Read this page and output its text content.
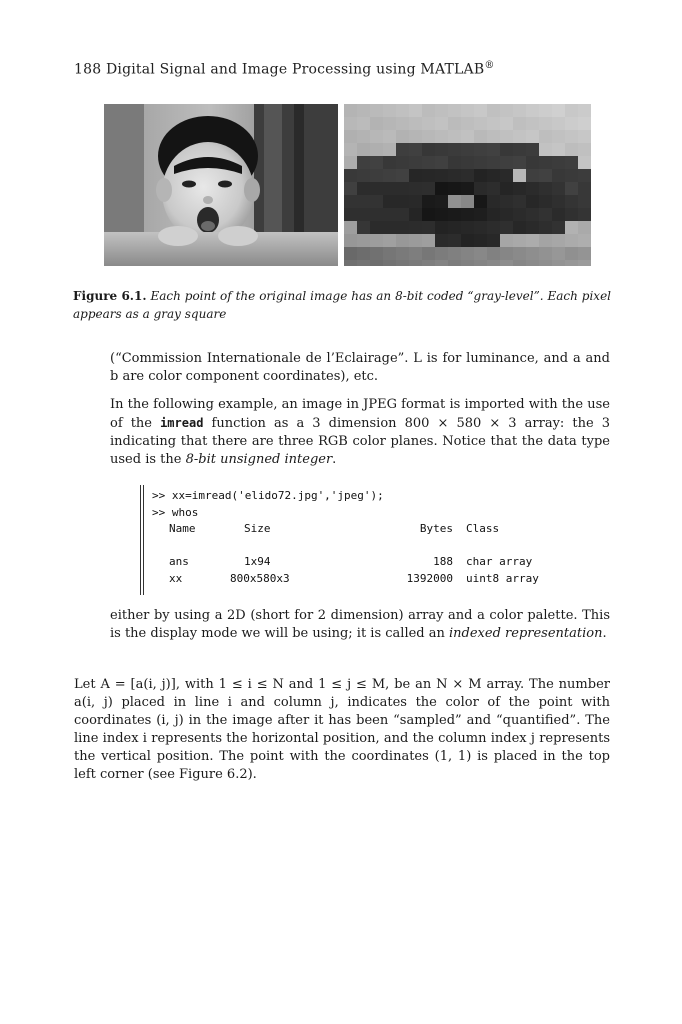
188 Digital Signal and Image Processing using MATLAB®
Figure 6.1. Each point of the original image has an 8-bit coded “gray-level”. Each pixel appears as a gray square
(“Commission Internationale de l’Eclairage”. L is for luminance, and a and b are color component coordinates), etc.
In the following example, an image in JPEG format is imported with the use of the imread function as a 3 dimension 800 × 580 × 3 array: the 3 indicating that there are three RGB color planes. Notice that the data type used is the 8-bit unsigned integer.
>> xx=imread('elido72.jpg','jpeg');
>> whos
Name	Size	Bytes Class
ans	1x94	188 char array
xx	800x580x3	1392000 uint8 array
either by using a 2D (short for 2 dimension) array and a color palette. This is the display mode we will be using; it is called an indexed representation.
Let A = [a(i, j)], with 1 ≤ i ≤ N and 1 ≤ j ≤ M, be an N × M array. The number a(i, j) placed in line i and column j, indicates the color of the point with coordinates (i, j) in the image after it has been “sampled” and “quantified”. The line index i represents the horizontal position, and the column index j represents the vertical position. The point with the coordinates (1, 1) is placed in the top left corner (see Figure 6.2).
